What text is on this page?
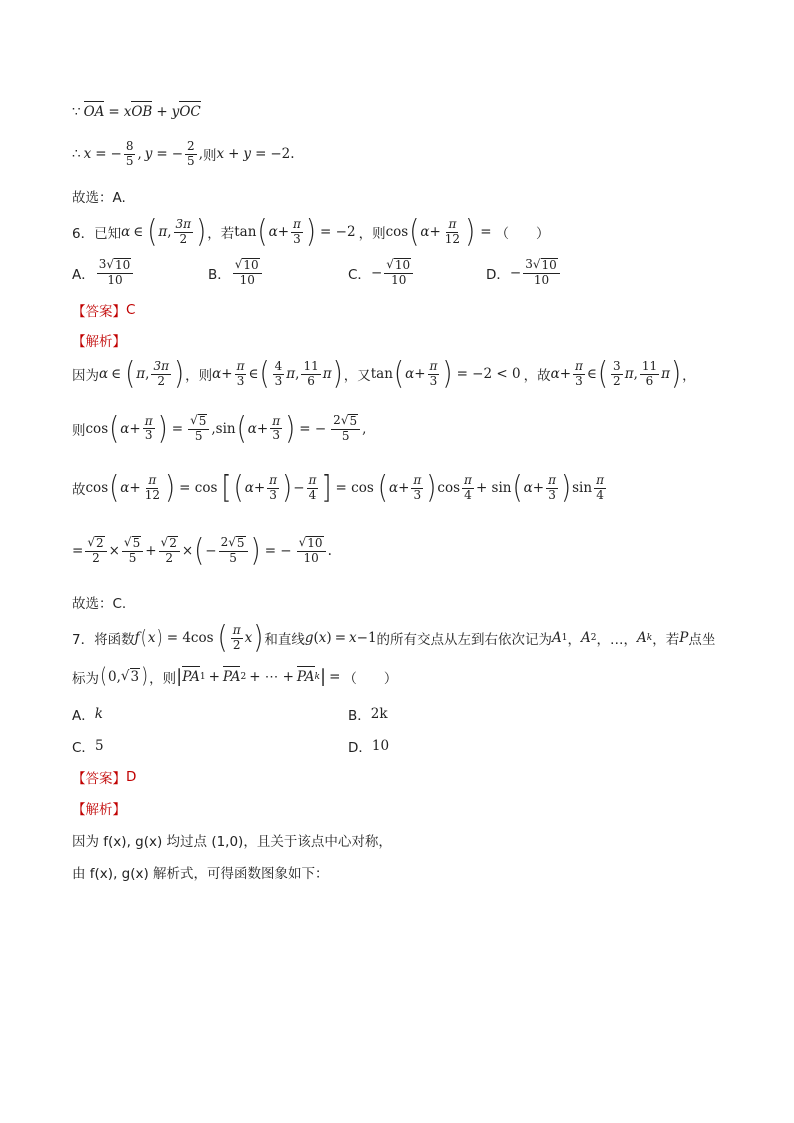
∵ OA = x OB + y OC
∴ x = − $\frac{8}{5}$ , y = − $\frac{2}{5}$ , 则 x + y = −2.
故选：A.
6．已知 α ∈ ( π , $\frac{3\pi}{2}$ ) ， 若 tan ( $\alpha + \frac{\pi}{3}$ ) = −2 ， 则 cos ( $\alpha + \frac{\pi}{12}$ ) = （　　）
A． $\frac{3 √ 10}{10}$	B． $\frac{√ 10}{10}$	C． − $\frac{√ 10}{10}$	D． − $\frac{3 √ 10}{10}$
【答案】 C
【解析】
因为 α ∈ ( π , $\frac{3\pi}{2}$ ) ， 则 $\alpha + \frac{\pi}{3}$ ∈ ( $\frac{4}{3}$ π , $\frac{11}{6}$ π ) ， 又 tan ( $\alpha + \frac{\pi}{3}$ ) = −2 < 0 ， 故 $\alpha + \frac{\pi}{3}$ ∈ ( $\frac{3}{2}$ π , $\frac{11}{6}$ π ) ，
则 cos ( $\alpha + \frac{\pi}{3}$ ) = $\frac{√ 5}{5} ,\sin$ ( $\alpha + \frac{\pi}{3}$ ) = − $\frac{2 √ 5}{5}$ ,
故 cos ( $\alpha + \frac{\pi}{12}$ ) = cos [ ( $\alpha + \frac{\pi}{3}$ ) − $\frac{\pi}{4}$ ] = cos ( $\alpha + \frac{\pi}{3}$ ) $\cos \frac{\pi}{4} + \sin$ ( $\alpha + \frac{\pi}{3}$ ) $\sin \frac{\pi}{4}$
= $\frac{√ 2}{2} \times \frac{√ 5}{5} + \frac{√ 2}{2}$ × ( − $\frac{2 √ 5}{5}$ ) = − $\frac{√ 10}{10}$ .
故选：C.
7．将函数 f ( x ) = 4cos ( $\frac{\pi}{2}$ x ) 和直线 g ( x ) = x −1 的所有交点从左到右依次记为 A 1 ， A 2 ，…， A k ，若 P 点坐
标为 ( 0, √ 3 ) ，则 | PA 1 + PA 2 + ⋯ + PA k | = （　　）
A． k	B． 2k
C． 5	D． 10
【答案】 D
【解析】
因为 f(x), g(x) 均过点 (1,0)，且关于该点中心对称，
由 f(x), g(x) 解析式，可得函数图象如下：
